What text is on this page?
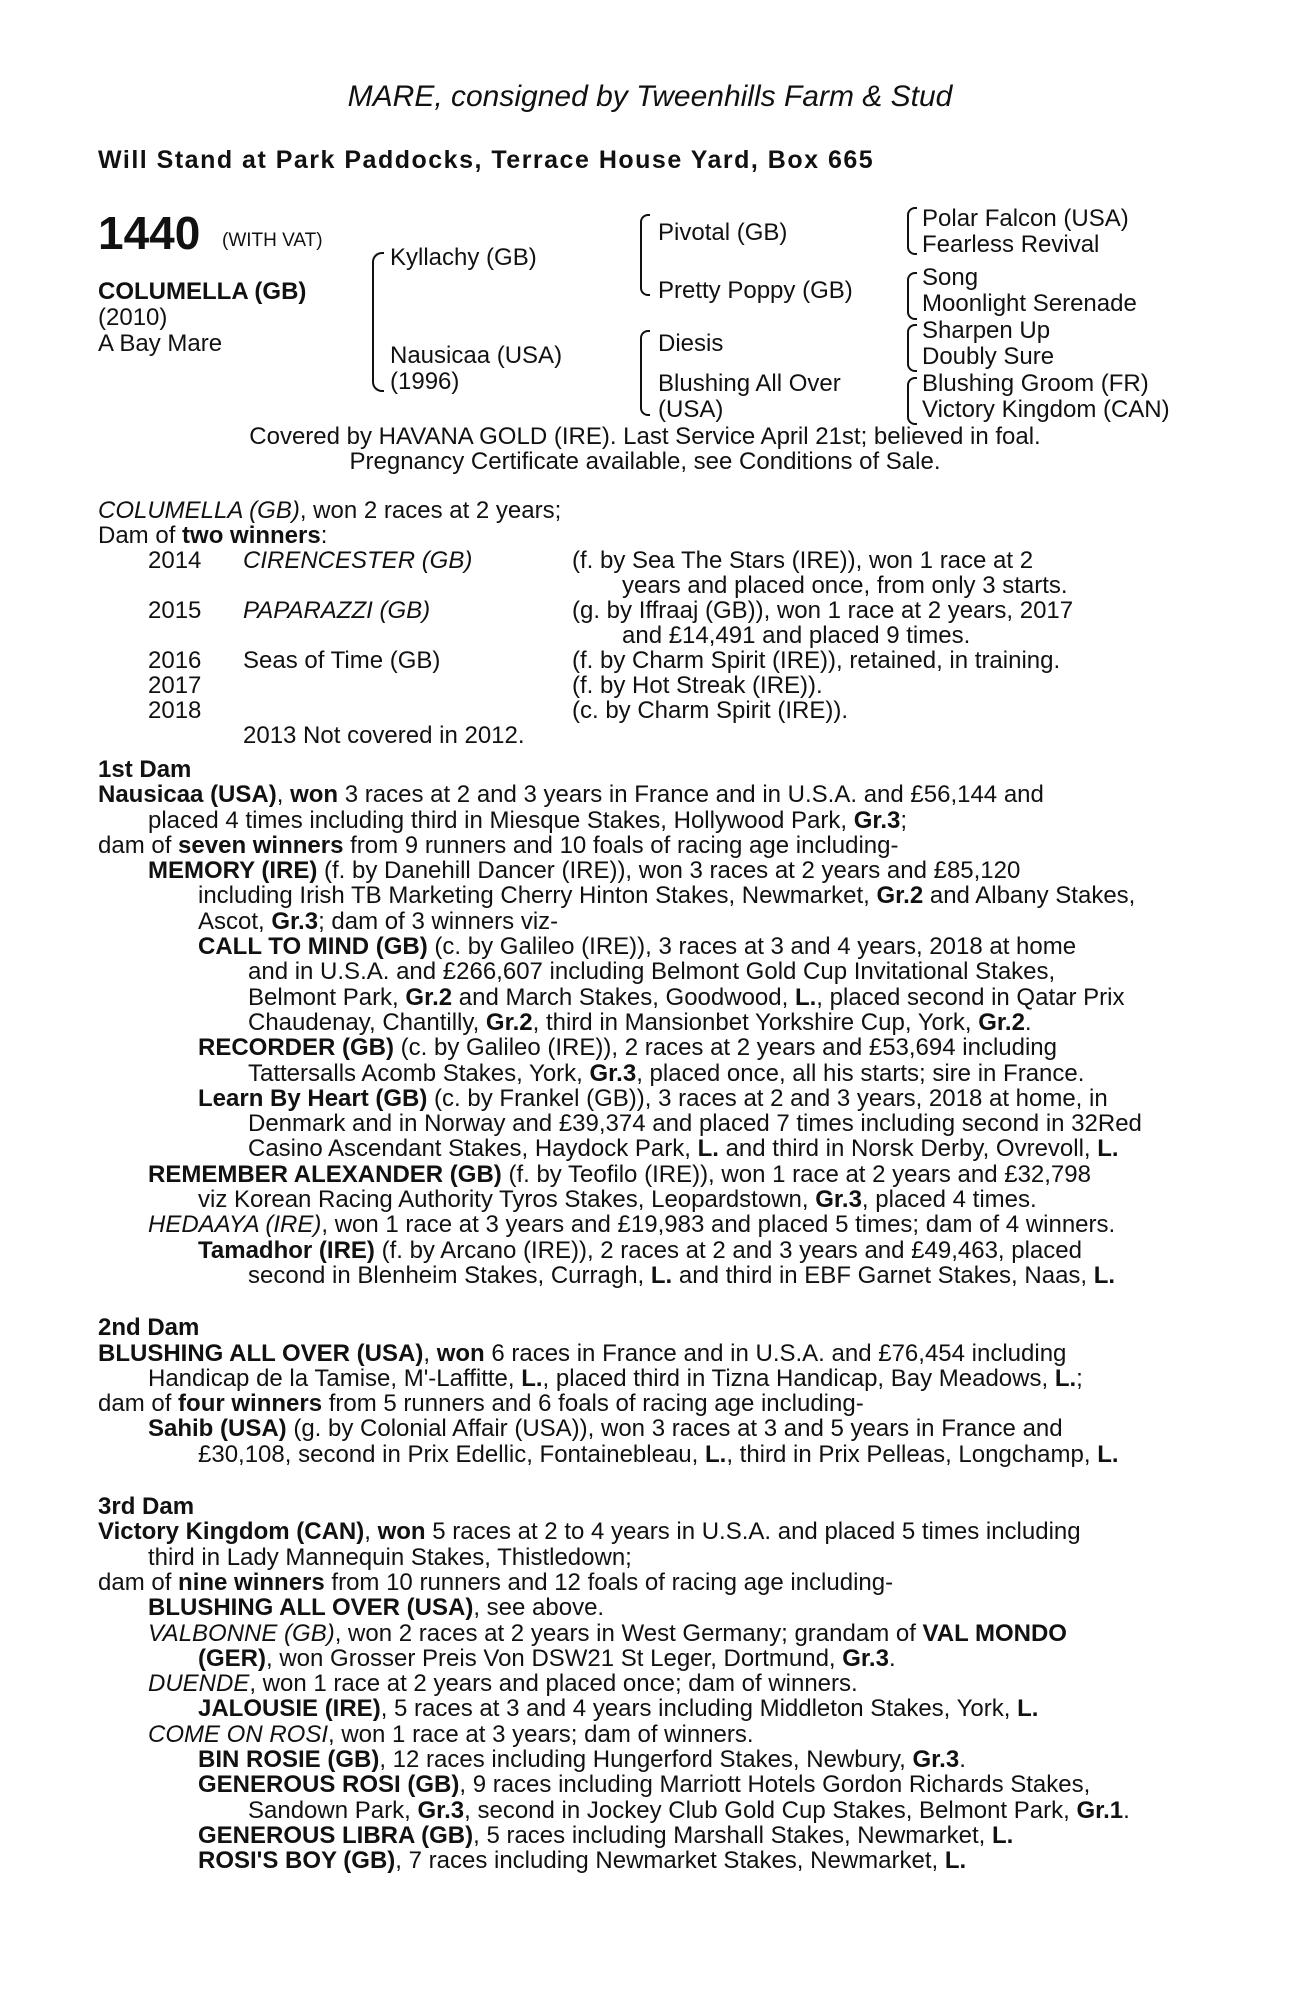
MARE, consigned by Tweenhills Farm & Stud
Will Stand at Park Paddocks, Terrace House Yard, Box 665
1440 (WITH VAT)
COLUMELLA (GB)
(2010)
A Bay Mare
Kyllachy (GB)
Nausicaa (USA)
(1996)
Pivotal (GB)
Pretty Poppy (GB)
Diesis
Blushing All Over
(USA)
Polar Falcon (USA)
Fearless Revival
Song
Moonlight Serenade
Sharpen Up
Doubly Sure
Blushing Groom (FR)
Victory Kingdom (CAN)
Covered by HAVANA GOLD (IRE). Last Service April 21st; believed in foal.
Pregnancy Certificate available, see Conditions of Sale.
COLUMELLA (GB), won 2 races at 2 years;
Dam of two winners:
2014 CIRENCESTER (GB)	(f. by Sea The Stars (IRE)), won 1 race at 2
years and placed once, from only 3 starts.
2015 PAPARAZZI (GB)	(g. by Iffraaj (GB)), won 1 race at 2 years, 2017
and £14,491 and placed 9 times.
2016 Seas of Time (GB)	(f. by Charm Spirit (IRE)), retained, in training.
2017	(f. by Hot Streak (IRE)).
2018	(c. by Charm Spirit (IRE)).
2013 Not covered in 2012.
1st Dam
Nausicaa (USA), won 3 races at 2 and 3 years in France and in U.S.A. and £56,144 and
placed 4 times including third in Miesque Stakes, Hollywood Park, Gr.3;
dam of seven winners from 9 runners and 10 foals of racing age including-
MEMORY (IRE) (f. by Danehill Dancer (IRE)), won 3 races at 2 years and £85,120
including Irish TB Marketing Cherry Hinton Stakes, Newmarket, Gr.2 and Albany Stakes,
Ascot, Gr.3; dam of 3 winners viz-
CALL TO MIND (GB) (c. by Galileo (IRE)), 3 races at 3 and 4 years, 2018 at home
and in U.S.A. and £266,607 including Belmont Gold Cup Invitational Stakes,
Belmont Park, Gr.2 and March Stakes, Goodwood, L., placed second in Qatar Prix
Chaudenay, Chantilly, Gr.2, third in Mansionbet Yorkshire Cup, York, Gr.2.
RECORDER (GB) (c. by Galileo (IRE)), 2 races at 2 years and £53,694 including
Tattersalls Acomb Stakes, York, Gr.3, placed once, all his starts; sire in France.
Learn By Heart (GB) (c. by Frankel (GB)), 3 races at 2 and 3 years, 2018 at home, in
Denmark and in Norway and £39,374 and placed 7 times including second in 32Red
Casino Ascendant Stakes, Haydock Park, L. and third in Norsk Derby, Ovrevoll, L.
REMEMBER ALEXANDER (GB) (f. by Teofilo (IRE)), won 1 race at 2 years and £32,798
viz Korean Racing Authority Tyros Stakes, Leopardstown, Gr.3, placed 4 times.
HEDAAYA (IRE), won 1 race at 3 years and £19,983 and placed 5 times; dam of 4 winners.
Tamadhor (IRE) (f. by Arcano (IRE)), 2 races at 2 and 3 years and £49,463, placed
second in Blenheim Stakes, Curragh, L. and third in EBF Garnet Stakes, Naas, L.
2nd Dam
BLUSHING ALL OVER (USA), won 6 races in France and in U.S.A. and £76,454 including
Handicap de la Tamise, M'-Laffitte, L., placed third in Tizna Handicap, Bay Meadows, L.;
dam of four winners from 5 runners and 6 foals of racing age including-
Sahib (USA) (g. by Colonial Affair (USA)), won 3 races at 3 and 5 years in France and
£30,108, second in Prix Edellic, Fontainebleau, L., third in Prix Pelleas, Longchamp, L.
3rd Dam
Victory Kingdom (CAN), won 5 races at 2 to 4 years in U.S.A. and placed 5 times including
third in Lady Mannequin Stakes, Thistledown;
dam of nine winners from 10 runners and 12 foals of racing age including-
BLUSHING ALL OVER (USA), see above.
VALBONNE (GB), won 2 races at 2 years in West Germany; grandam of VAL MONDO
(GER), won Grosser Preis Von DSW21 St Leger, Dortmund, Gr.3.
DUENDE, won 1 race at 2 years and placed once; dam of winners.
JALOUSIE (IRE), 5 races at 3 and 4 years including Middleton Stakes, York, L.
COME ON ROSI, won 1 race at 3 years; dam of winners.
BIN ROSIE (GB), 12 races including Hungerford Stakes, Newbury, Gr.3.
GENEROUS ROSI (GB), 9 races including Marriott Hotels Gordon Richards Stakes,
Sandown Park, Gr.3, second in Jockey Club Gold Cup Stakes, Belmont Park, Gr.1.
GENEROUS LIBRA (GB), 5 races including Marshall Stakes, Newmarket, L.
ROSI'S BOY (GB), 7 races including Newmarket Stakes, Newmarket, L.
